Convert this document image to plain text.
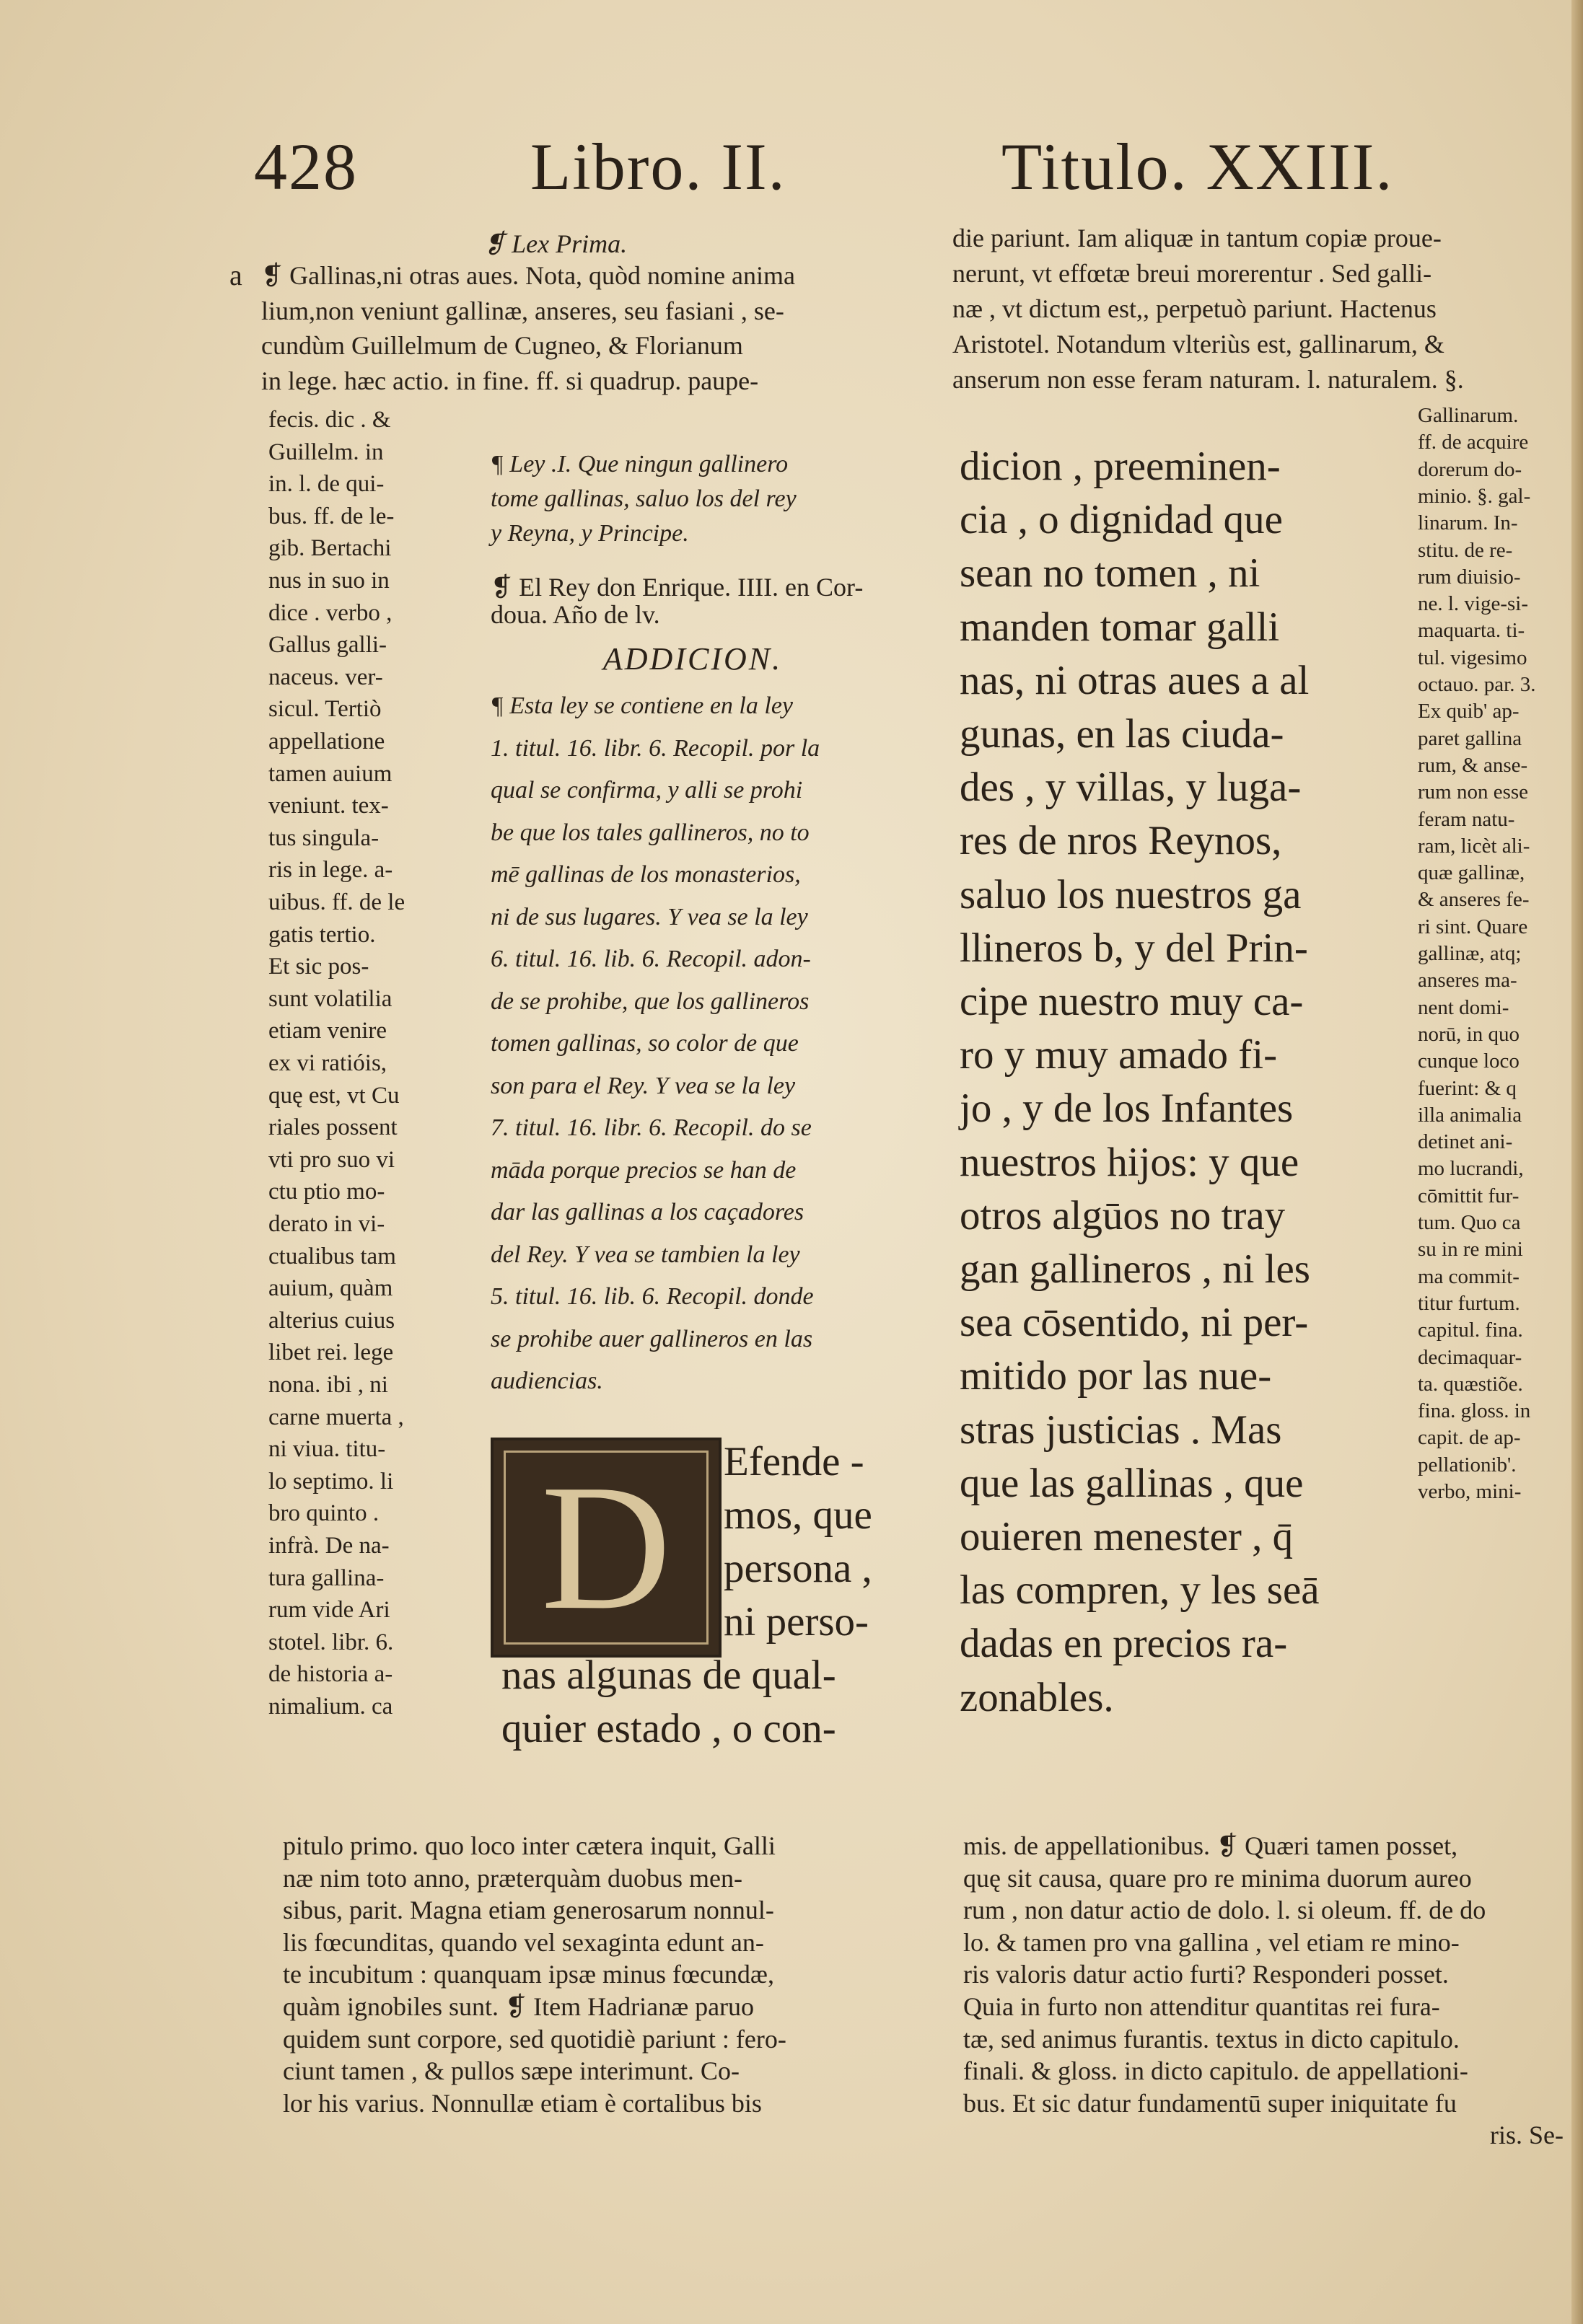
428	Libro. II.	Titulo. XXIII.
❡ Lex Prima.
a ❡ Gallinas,ni otras aues. Nota, quòd nomine anima
lium,non veniunt gallinæ, anseres, seu fasiani , se-
cundùm Guillelmum de Cugneo, & Florianum
in lege. hæc actio. in fine. ff. si quadrup. paupe-
fecis. dic . &
Guillelm. in
in. l. de qui-
bus. ff. de le-
gib. Bertachi
nus in suo in
dice . verbo ,
Gallus galli-
naceus. ver-
sicul. Tertiò
appellatione
tamen auium
veniunt. tex-
tus singula-
ris in lege. a-
uibus. ff. de le
gatis tertio.
Et sic pos-
sunt volatilia
etiam venire
ex vi ratióis,
quę est, vt Cu
riales possent
vti pro suo vi
ctu ptio mo-
derato in vi-
ctualibus tam
auium, quàm
alterius cuius
libet rei. lege
nona. ibi , ni
carne muerta ,
ni viua. titu-
lo septimo. li
bro quinto .
infrà. De na-
tura gallina-
rum vide Ari
stotel. libr. 6.
de historia a-
nimalium. ca
¶ Ley .I. Que ningun gallinero
tome gallinas, saluo los del rey
y Reyna, y Principe.
❡ El Rey don Enrique. IIII. en Cor-
doua. Año de lv.
ADDICION.
¶ Esta ley se contiene en la ley
1. titul. 16. libr. 6. Recopil. por la
qual se confirma, y alli se prohi
be que los tales gallineros, no to
mē gallinas de los monasterios,
ni de sus lugares. Y vea se la ley
6. titul. 16. lib. 6. Recopil. adon-
de se prohibe, que los gallineros
tomen gallinas, so color de que
son para el Rey. Y vea se la ley
7. titul. 16. libr. 6. Recopil. do se
māda porque precios se han de
dar las gallinas a los caçadores
del Rey. Y vea se tambien la ley
5. titul. 16. lib. 6. Recopil. donde
se prohibe auer gallineros en las
audiencias.
D	Efende -
mos, que
persona ,
ni perso-
nas algunas de qual-
quier estado , o con-
die pariunt. Iam aliquæ in tantum copiæ proue-
nerunt, vt effœtæ breui morerentur . Sed galli-
næ , vt dictum est,, perpetuò pariunt. Hactenus
Aristotel. Notandum vlteriùs est, gallinarum, &
anserum non esse feram naturam. l. naturalem. §.
dicion , preeminen-
cia , o dignidad que
sean no tomen , ni
manden tomar galli
nas, ni otras aues a al
gunas, en las ciuda-
des , y villas, y luga-
res de nros Reynos,
saluo los nuestros ga
llineros b, y del Prin-
cipe nuestro muy ca-
ro y muy amado fi-
jo , y de los Infantes
nuestros hijos: y que
otros algūos no tray
gan gallineros , ni les
sea cōsentido, ni per-
mitido por las nue-
stras justicias . Mas
que las gallinas , que
ouieren menester , q̄
las compren, y les seā
dadas en precios ra-
zonables.
Gallinarum.
ff. de acquire
dorerum do-
minio. §. gal-
linarum. In-
stitu. de re-
rum diuisio-
ne. l. vige-si-
maquarta. ti-
tul. vigesimo
octauo. par. 3.
Ex quib' ap-
paret gallina
rum, & anse-
rum non esse
feram natu-
ram, licèt ali-
quæ gallinæ,
& anseres fe-
ri sint. Quare
gallinæ, atq;
anseres ma-
nent domi-
norū, in quo
cunque loco
fuerint: & q
illa animalia
detinet ani-
mo lucrandi,
cōmittit fur-
tum. Quo ca
su in re mini
ma commit-
titur furtum.
capitul. fina.
decimaquar-
ta. quæstiõe.
fina. gloss. in
capit. de ap-
pellationib'.
verbo, mini-
pitulo primo. quo loco inter cætera inquit, Galli
næ nim toto anno, præterquàm duobus men-
sibus, parit. Magna etiam generosarum nonnul-
lis fœcunditas, quando vel sexaginta edunt an-
te incubitum : quanquam ipsæ minus fœcundæ,
quàm ignobiles sunt. ❡ Item Hadrianæ paruo
quidem sunt corpore, sed quotidiè pariunt : fero-
ciunt tamen , & pullos sæpe interimunt. Co-
lor his varius. Nonnullæ etiam è cortalibus bis
mis. de appellationibus. ❡ Quæri tamen posset,
quę sit causa, quare pro re minima duorum aureo
rum , non datur actio de dolo. l. si oleum. ff. de do
lo. & tamen pro vna gallina , vel etiam re mino-
ris valoris datur actio furti? Responderi posset.
Quia in furto non attenditur quantitas rei fura-
tæ, sed animus furantis. textus in dicto capitulo.
finali. & gloss. in dicto capitulo. de appellationi-
bus. Et sic datur fundamentū super iniquitate fu
ris. Se-
